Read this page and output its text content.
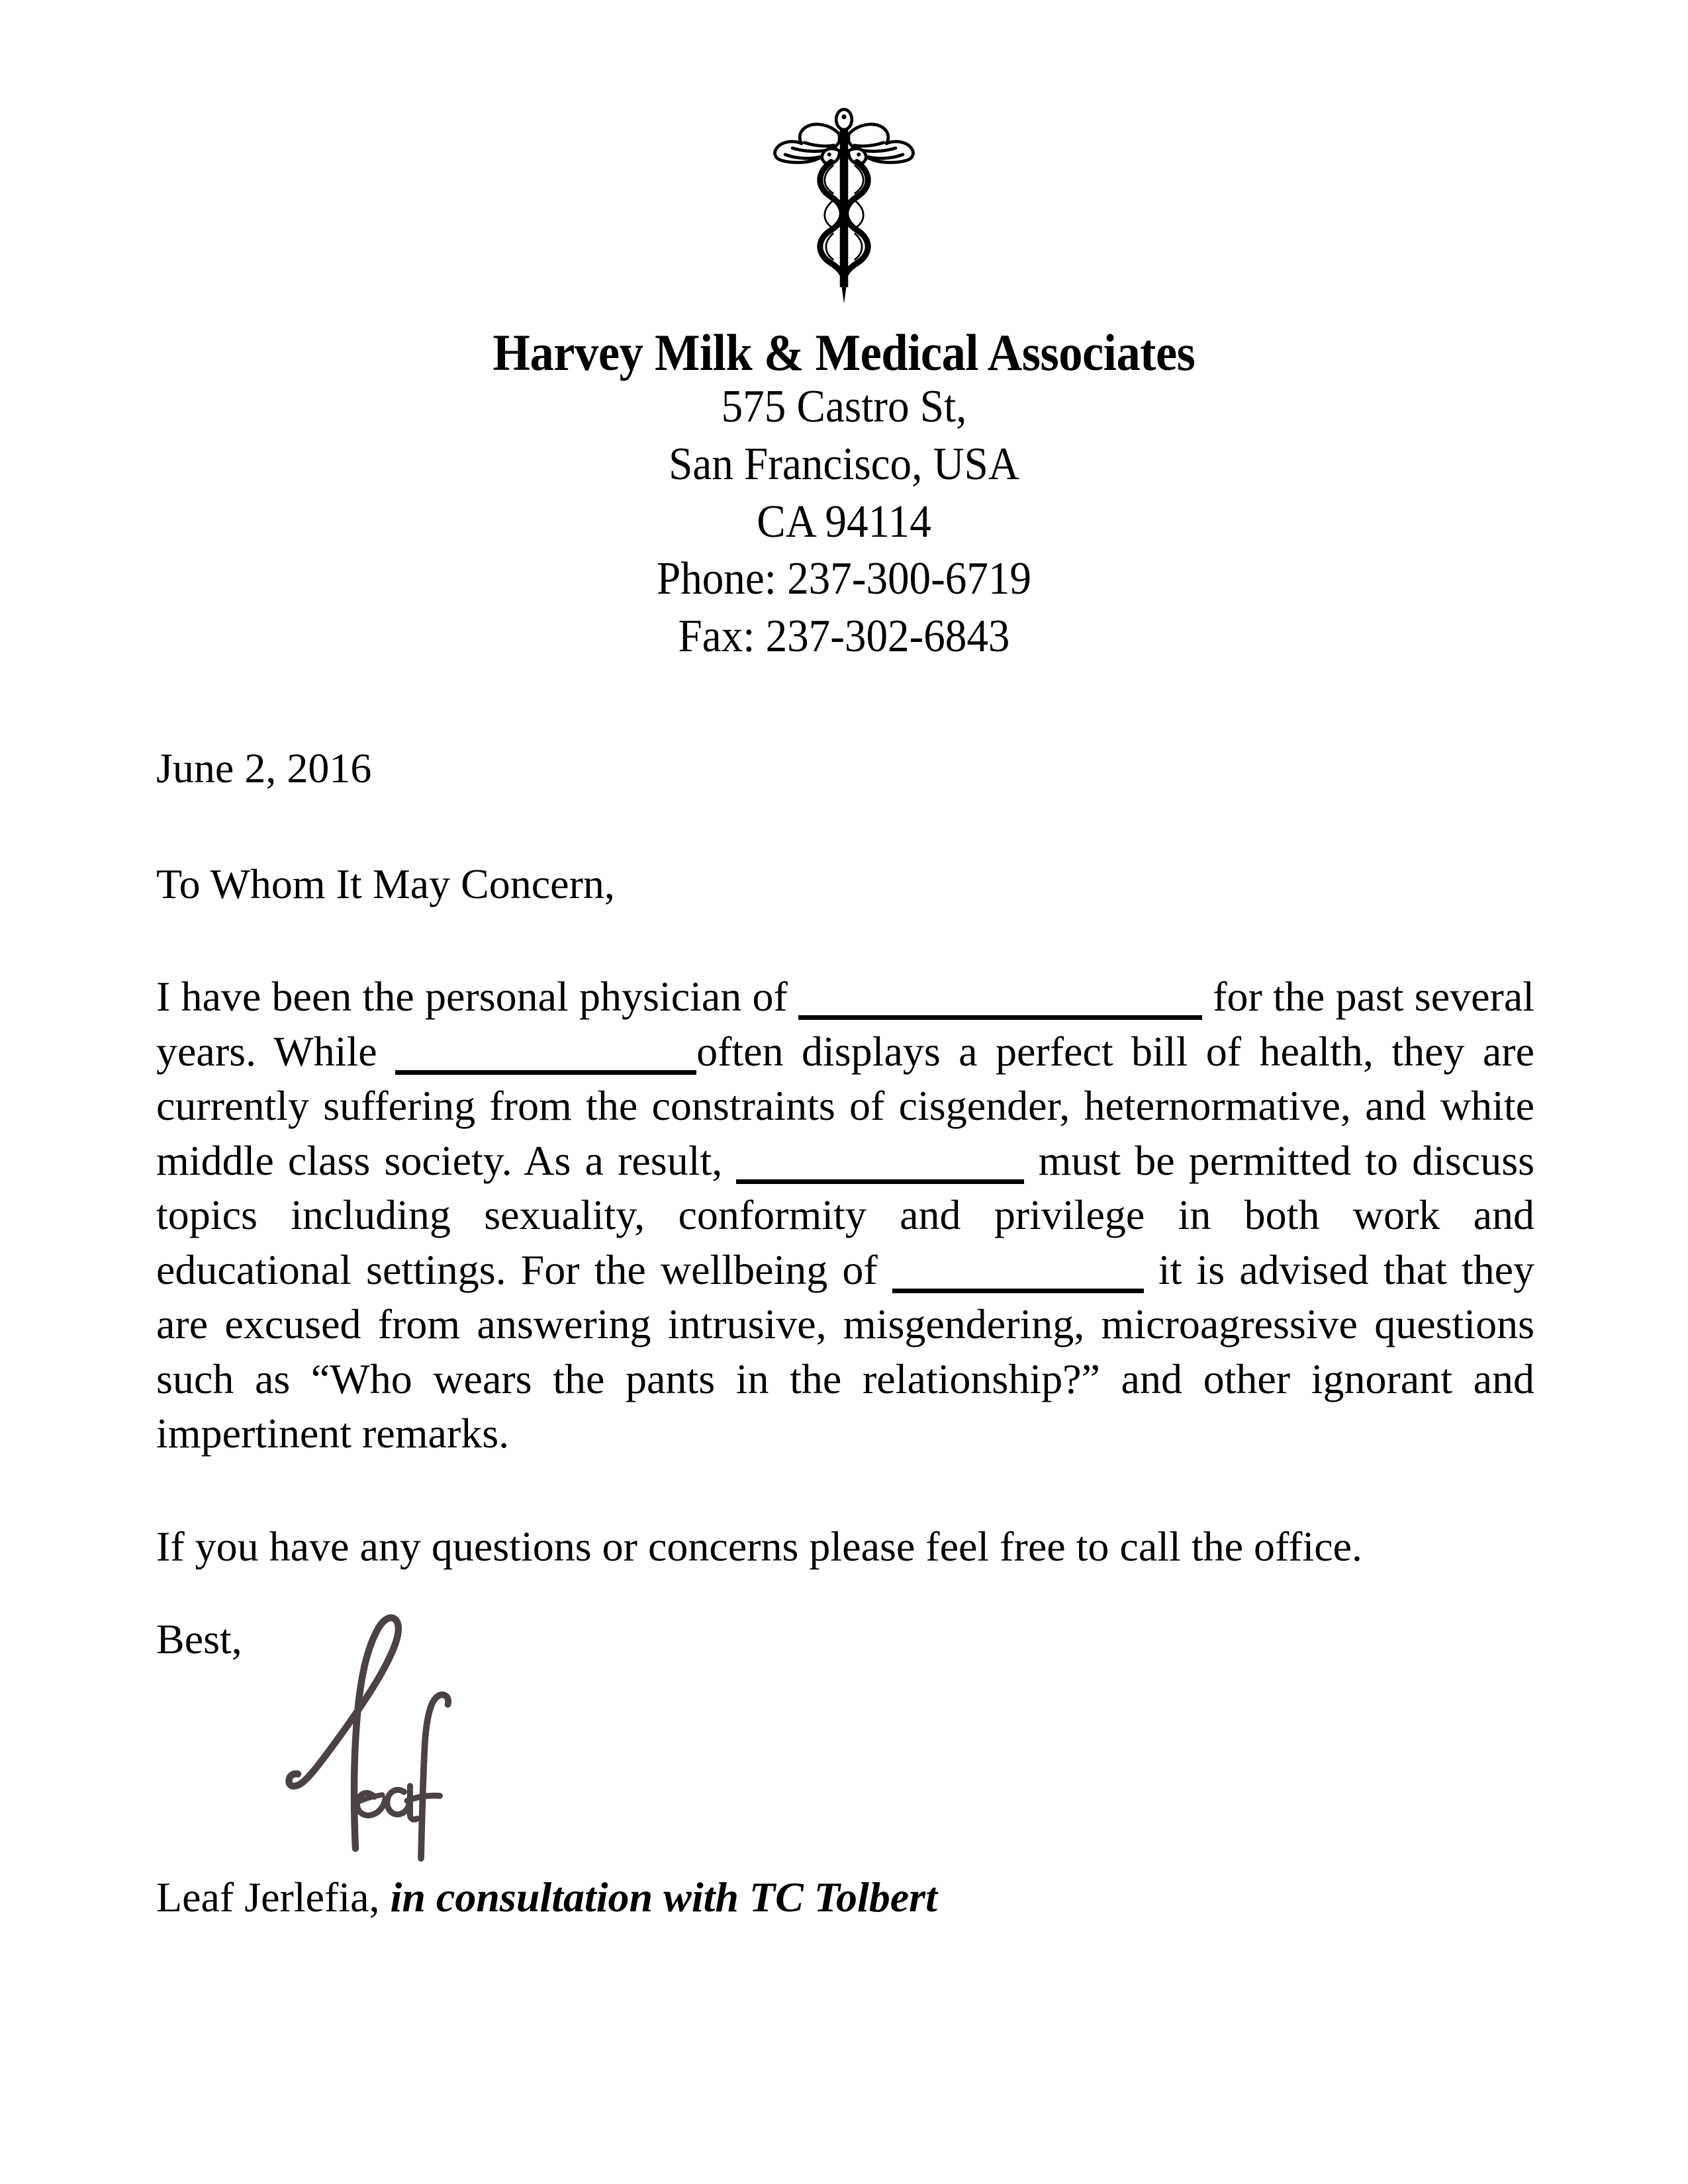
Harvey Milk & Medical Associates
575 Castro St,
San Francisco, USA
CA 94114
Phone: 237-300-6719
Fax: 237-302-6843

June 2, 2016

To Whom It May Concern,

I have been the personal physician of	for the past several years. While	often displays a perfect bill of health, they are currently suffering from the constraints of cisgender, heternormative, and white middle class society. As a result,	must be permitted to discuss topics including sexuality, conformity and privilege in both work and educational settings. For the wellbeing of	it is advised that they are excused from answering intrusive, misgendering, microagressive questions such as “Who wears the pants in the relationship?” and other ignorant and impertinent remarks.

If you have any questions or concerns please feel free to call the office.

Best,
Leaf Jerlefia, in consultation with TC Tolbert
